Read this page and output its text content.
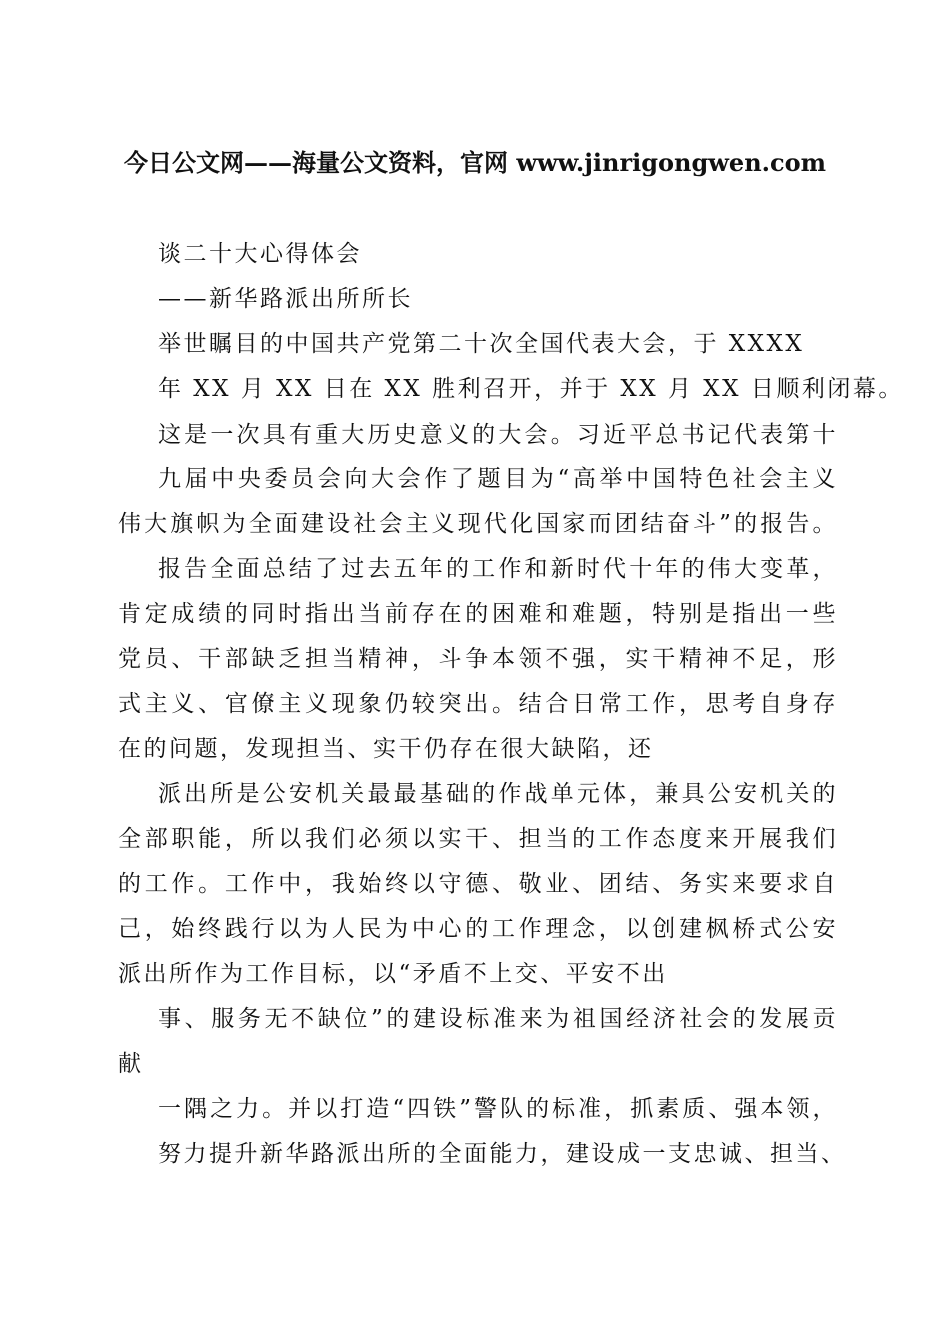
今日公文网——海量公文资料，官网 www.jinrigongwen.com
谈二十大心得体会
——新华路派出所所长
举世瞩目的中国共产党第二十次全国代表大会，于 XXXX
年 XX 月 XX 日在 XX 胜利召开，并于 XX 月 XX 日顺利闭幕。
这是一次具有重大历史意义的大会。习近平总书记代表第十
九届中央委员会向大会作了题目为“高举中国特色社会主义
伟大旗帜为全面建设社会主义现代化国家而团结奋斗”的报告。
报告全面总结了过去五年的工作和新时代十年的伟大变革，
肯定成绩的同时指出当前存在的困难和难题，特别是指出一些
党员、干部缺乏担当精神，斗争本领不强，实干精神不足，形
式主义、官僚主义现象仍较突出。结合日常工作，思考自身存
在的问题，发现担当、实干仍存在很大缺陷，还
派出所是公安机关最最基础的作战单元体，兼具公安机关的
全部职能，所以我们必须以实干、担当的工作态度来开展我们
的工作。工作中，我始终以守德、敬业、团结、务实来要求自
己，始终践行以为人民为中心的工作理念，以创建枫桥式公安
派出所作为工作目标，以“矛盾不上交、平安不出
事、服务无不缺位”的建设标准来为祖国经济社会的发展贡
献
一隅之力。并以打造“四铁”警队的标准，抓素质、强本领，
努力提升新华路派出所的全面能力，建设成一支忠诚、担当、
